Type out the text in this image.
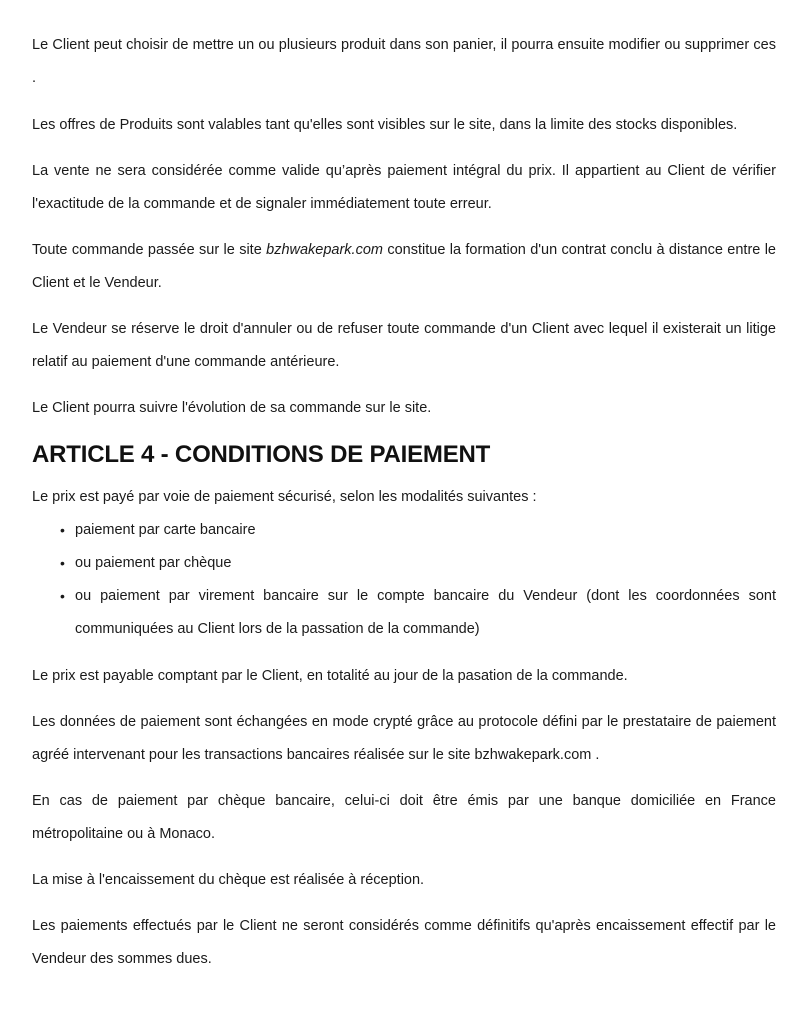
Le Client peut choisir de mettre un ou plusieurs produit dans son panier, il pourra ensuite modifier ou supprimer ces .

Les offres de Produits sont valables tant qu'elles sont visibles sur le site, dans la limite des stocks disponibles.

La vente ne sera considérée comme valide qu’après paiement intégral du prix. Il appartient au Client de vérifier l'exactitude de la commande et de signaler immédiatement toute erreur.

Toute commande passée sur le site bzhwakepark.com constitue la formation d'un contrat conclu à distance entre le Client et le Vendeur.

Le Vendeur se réserve le droit d'annuler ou de refuser toute commande d'un Client avec lequel il existerait un litige relatif au paiement d'une commande antérieure.

Le Client pourra suivre l'évolution de sa commande sur le site.

ARTICLE 4 - CONDITIONS DE PAIEMENT

Le prix est payé par voie de paiement sécurisé, selon les modalités suivantes :

• paiement par carte bancaire
• ou paiement par chèque
• ou paiement par virement bancaire sur le compte bancaire du Vendeur (dont les coordonnées sont communiquées au Client lors de la passation de la commande)

Le prix est payable comptant par le Client, en totalité au jour de la pasation de la commande.

Les données de paiement sont échangées en mode crypté grâce au protocole défini par le prestataire de paiement agréé intervenant pour les transactions bancaires réalisée sur le site bzhwakepark.com .

En cas de paiement par chèque bancaire, celui-ci doit être émis par une banque domiciliée en France métropolitaine ou à Monaco.

La mise à l'encaissement du chèque est réalisée à réception.

Les paiements effectués par le Client ne seront considérés comme définitifs qu'après encaissement effectif par le Vendeur des sommes dues.
